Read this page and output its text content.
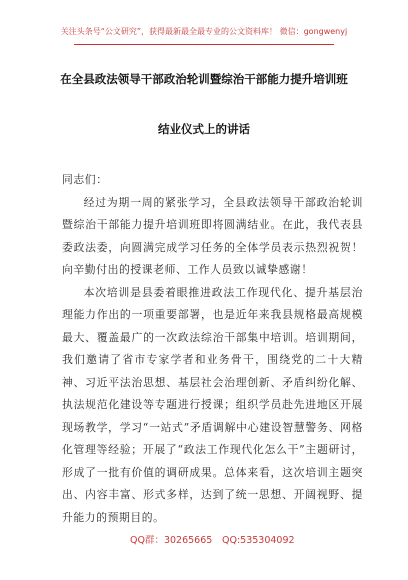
关注头条号“公文研究”，获得最新最全最专业的公文资料库！ 微信：gongwenyj
在全县政法领导干部政治轮训暨综治干部能力提升培训班
结业仪式上的讲话

同志们：

经过为期一周的紧张学习，全县政法领导干部政治轮训暨综治干部能力提升培训班即将圆满结业。在此，我代表县委政法委，向圆满完成学习任务的全体学员表示热烈祝贺！向辛勤付出的授课老师、工作人员致以诚挚感谢！

本次培训是县委着眼推进政法工作现代化、提升基层治理能力作出的一项重要部署，也是近年来我县规格最高规模最大、覆盖最广的一次政法综治干部集中培训。培训期间，我们邀请了省市专家学者和业务骨干，围绕党的二十大精神、习近平法治思想、基层社会治理创新、矛盾纠纷化解、执法规范化建设等专题进行授课；组织学员赴先进地区开展现场教学，学习“一站式”矛盾调解中心建设智慧警务、网格化管理等经验；开展了“政法工作现代化怎么干”主题研讨，形成了一批有价值的调研成果。总体来看，这次培训主题突出、内容丰富、形式多样，达到了统一思想、开阔视野、提升能力的预期目的。

QQ群：30265665 QQ:535304092
